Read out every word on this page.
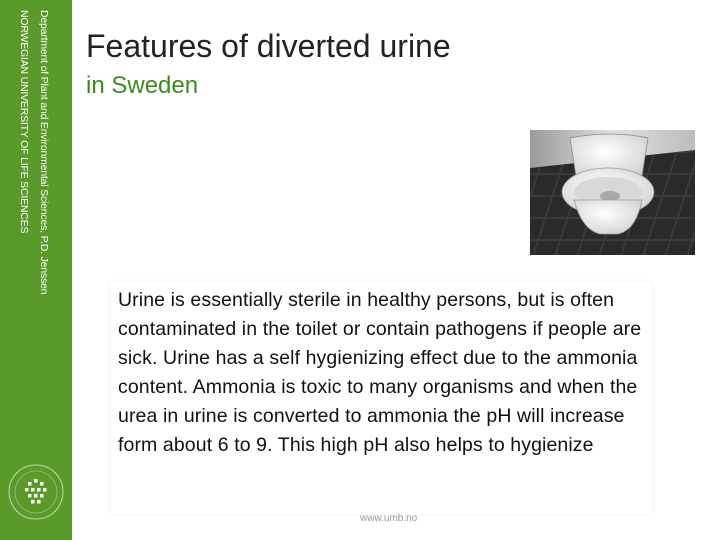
Department of Plant and Environmental Sciences, P.D. Jenssen
NORWEGIAN UNIVERSITY OF LIFE SCIENCES Features of diverted urine
in Sweden

Urine is essentially sterile in healthy persons, but is often contaminated in the toilet or contain pathogens if people are sick. Urine has a self hygienizing effect due to the ammonia content. Ammonia is toxic to many organisms and when the urea in urine is converted to ammonia the pH will increase form about 6 to 9. This high pH also helps to hygienize

www.umb.no
